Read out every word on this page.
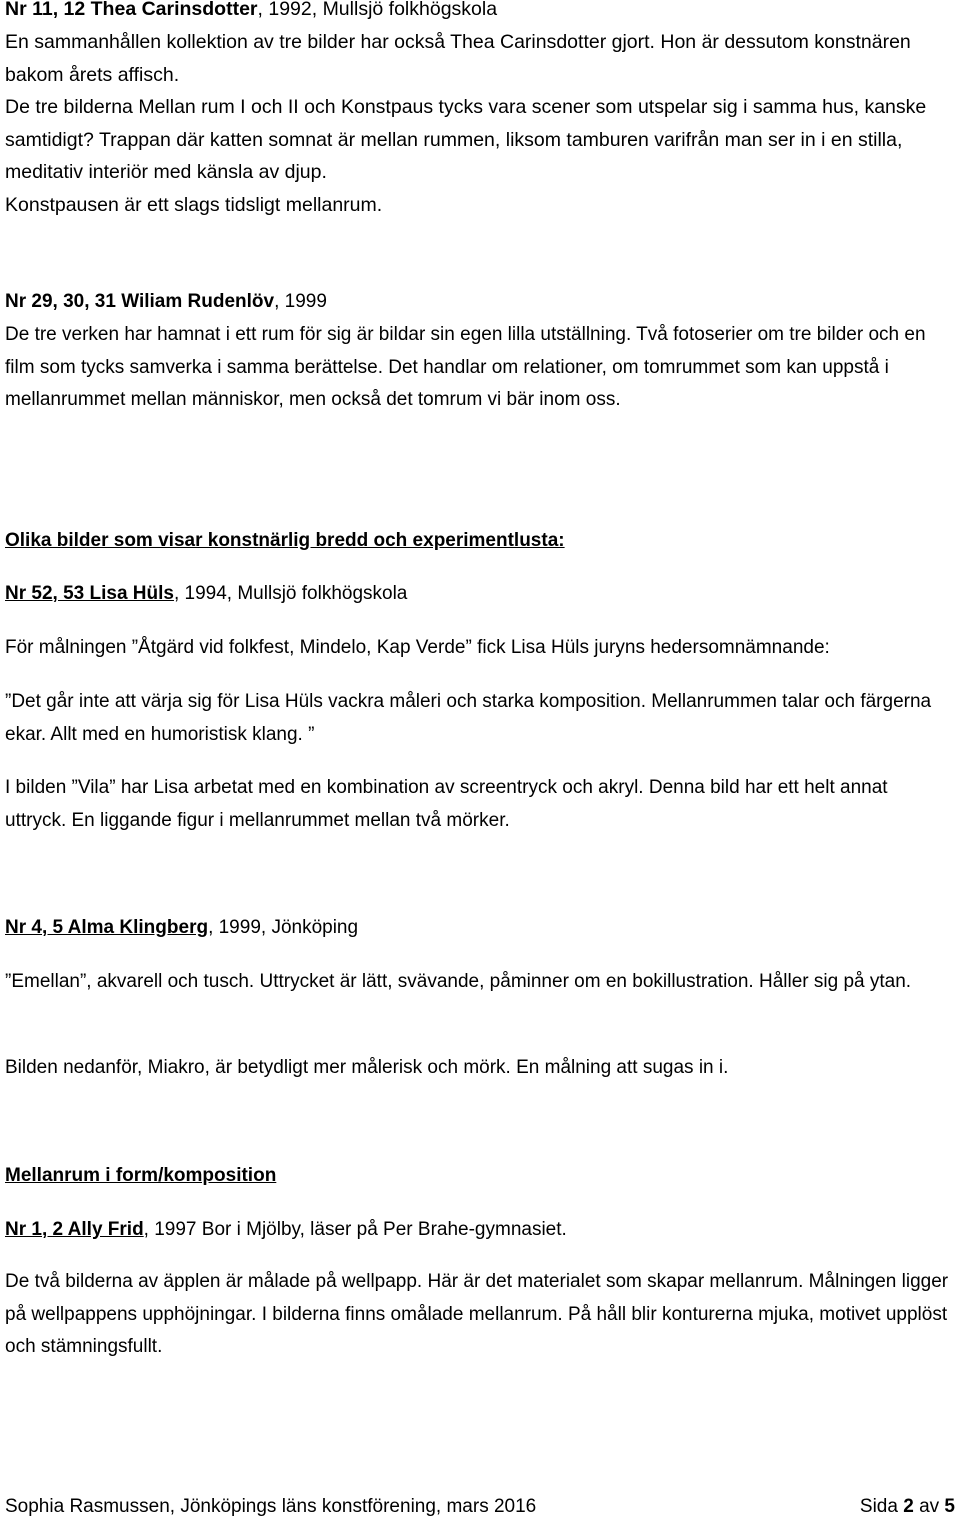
Nr 11, 12 Thea Carinsdotter, 1992, Mullsjö folkhögskola

En sammanhållen kollektion av tre bilder har också Thea Carinsdotter gjort. Hon är dessutom konstnären bakom årets affisch.

De tre bilderna Mellan rum I och II och Konstpaus tycks vara scener som utspelar sig i samma hus, kanske samtidigt? Trappan där katten somnat är mellan rummen, liksom tamburen varifrån man ser in i en stilla, meditativ interiör med känsla av djup.

Konstpausen är ett slags tidsligt mellanrum.

Nr 29, 30, 31 Wiliam Rudenlöv, 1999

De tre verken har hamnat i ett rum för sig är bildar sin egen lilla utställning. Två fotoserier om tre bilder och en film som tycks samverka i samma berättelse. Det handlar om relationer, om tomrummet som kan uppstå i mellanrummet mellan människor, men också det tomrum vi bär inom oss.

Olika bilder som visar konstnärlig bredd och experimentlusta:

Nr 52, 53 Lisa Hüls, 1994, Mullsjö folkhögskola

För målningen ”Åtgärd vid folkfest, Mindelo, Kap Verde” fick Lisa Hüls juryns hedersomnämnande:

”Det går inte att värja sig för Lisa Hüls vackra måleri och starka komposition. Mellanrummen talar och färgerna ekar. Allt med en humoristisk klang. ”

I bilden ”Vila” har Lisa arbetat med en kombination av screentryck och akryl. Denna bild har ett helt annat uttryck. En liggande figur i mellanrummet mellan två mörker.

Nr 4, 5 Alma Klingberg, 1999, Jönköping

”Emellan”, akvarell och tusch. Uttrycket är lätt, svävande, påminner om en bokillustration. Håller sig på ytan.

Bilden nedanför, Miakro, är betydligt mer målerisk och mörk. En målning att sugas in i.

Mellanrum i form/komposition

Nr 1, 2 Ally Frid, 1997 Bor i Mjölby, läser på Per Brahe-gymnasiet.

De två bilderna av äpplen är målade på wellpapp. Här är det materialet som skapar mellanrum. Målningen ligger på wellpappens upphöjningar. I bilderna finns omålade mellanrum. På håll blir konturerna mjuka, motivet upplöst och stämningsfullt.

Sophia Rasmussen, Jönköpings läns konstförening, mars 2016	Sida 2 av 5
